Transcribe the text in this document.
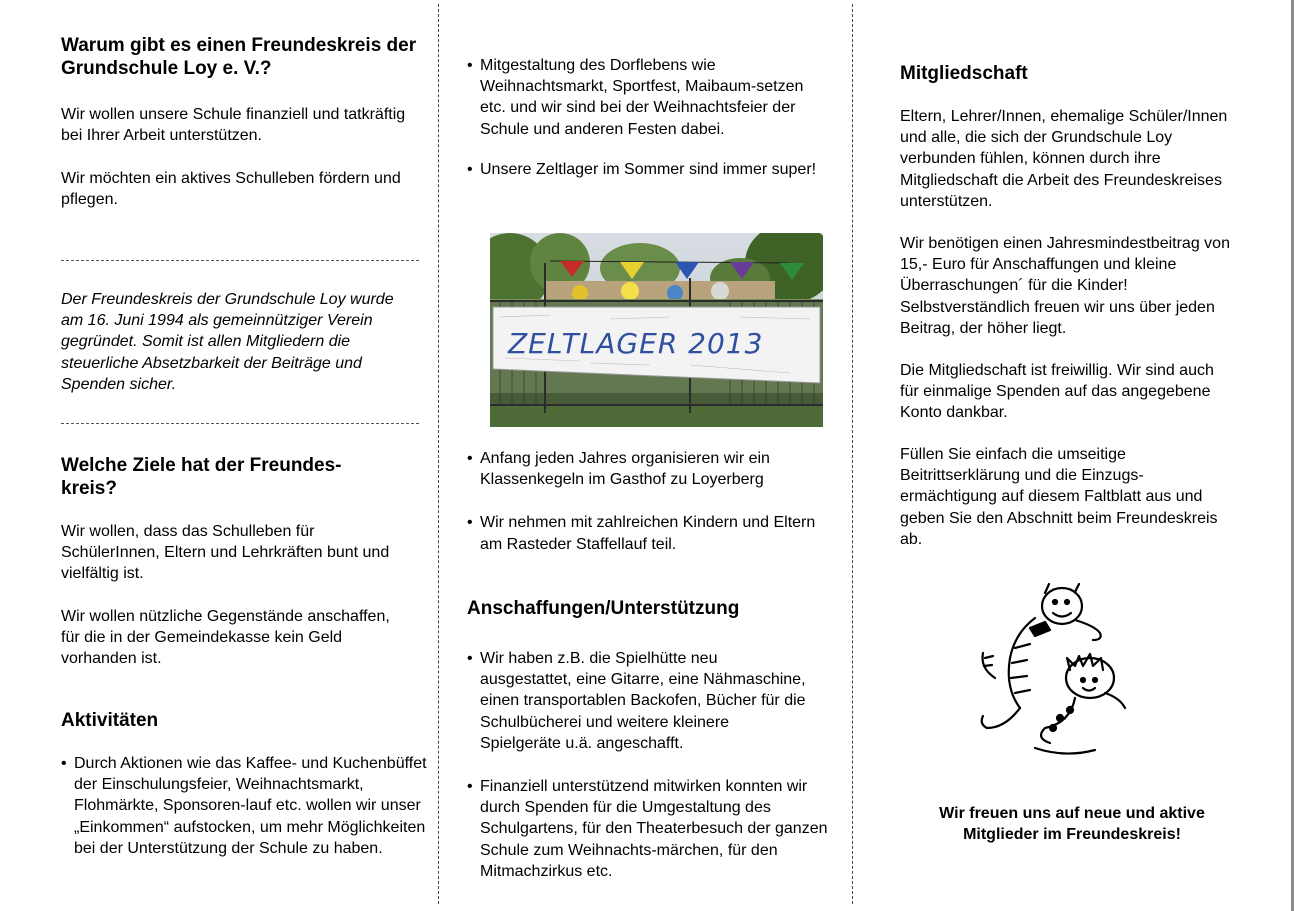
Warum gibt es einen Freundeskreis der Grundschule Loy e. V.?

Wir wollen unsere Schule finanziell und tatkräftig bei Ihrer Arbeit unterstützen.

Wir möchten ein aktives Schulleben fördern und pflegen.

Der Freundeskreis der Grundschule Loy wurde am 16. Juni 1994 als gemeinnütziger Verein gegründet. Somit ist allen Mitgliedern die steuerliche Absetzbarkeit der Beiträge und Spenden sicher.

Welche Ziele hat der Freundes-
kreis?

Wir wollen, dass das Schulleben für SchülerInnen, Eltern und Lehrkräften bunt und vielfältig ist.

Wir wollen nützliche Gegenstände anschaffen, für die in der Gemeindekasse kein Geld vorhanden ist.

Aktivitäten
• Durch Aktionen wie das Kaffee- und Kuchenbüffet der Einschulungsfeier, Weihnachtsmarkt, Flohmärkte, Sponsoren-lauf etc. wollen wir unser „Einkommen“ aufstocken, um mehr Möglichkeiten bei der Unterstützung der Schule zu haben.
• Mitgestaltung des Dorflebens wie Weihnachtsmarkt, Sportfest, Maibaum-setzen etc. und wir sind bei der Weihnachtsfeier der Schule und anderen Festen dabei.
• Unsere Zeltlager im Sommer sind immer super!
ZELTLAGER 2013
• Anfang jeden Jahres organisieren wir ein Klassenkegeln im Gasthof zu Loyerberg
• Wir nehmen mit zahlreichen Kindern und Eltern am Rasteder Staffellauf teil.
Anschaffungen/Unterstützung
• Wir haben z.B. die Spielhütte neu ausgestattet, eine Gitarre, eine Nähmaschine, einen transportablen Backofen, Bücher für die Schulbücherei und weitere kleinere Spielgeräte u.ä. angeschafft.
• Finanziell unterstützend mitwirken konnten wir durch Spenden für die Umgestaltung des Schulgartens, für den Theaterbesuch der ganzen Schule zum Weihnachts-märchen, für den Mitmachzirkus etc.
Mitgliedschaft

Eltern, Lehrer/Innen, ehemalige Schüler/Innen und alle, die sich der Grundschule Loy verbunden fühlen, können durch ihre Mitgliedschaft die Arbeit des Freundeskreises unterstützen.

Wir benötigen einen Jahresmindestbeitrag von 15,- Euro für Anschaffungen und kleine Überraschungen´ für die Kinder! Selbstverständlich freuen wir uns über jeden Beitrag, der höher liegt.

Die Mitgliedschaft ist freiwillig. Wir sind auch für einmalige Spenden auf das angegebene Konto dankbar.

Füllen Sie einfach die umseitige Beitrittserklärung und die Einzugs-ermächtigung auf diesem Faltblatt aus und geben Sie den Abschnitt beim Freundeskreis ab.

Wir freuen uns auf neue und aktive Mitglieder im Freundeskreis!
